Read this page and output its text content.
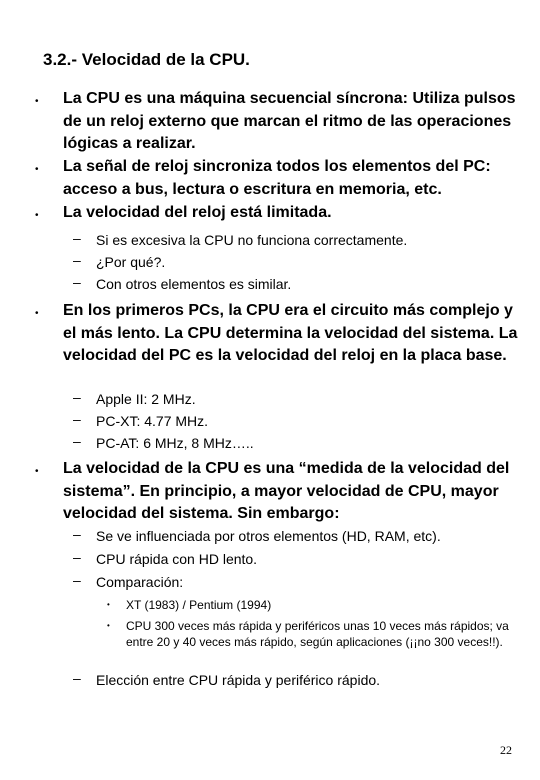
3.2.- Velocidad de la CPU.
• La CPU es una máquina secuencial síncrona: Utiliza pulsos de un reloj externo que marcan el ritmo de las operaciones lógicas a realizar.
• La señal de reloj sincroniza todos los elementos del PC: acceso a bus, lectura o escritura en memoria, etc.
• La velocidad del reloj está limitada.
– Si es excesiva la CPU no funciona correctamente.
– ¿Por qué?.
– Con otros elementos es similar.
• En los primeros PCs, la CPU era el circuito más complejo y el más lento. La CPU determina la velocidad del sistema. La velocidad del PC es la velocidad del reloj en la placa base.
– Apple II: 2 MHz.
– PC-XT: 4.77 MHz.
– PC-AT: 6 MHz, 8 MHz…..
• La velocidad de la CPU es una “medida de la velocidad del sistema”. En principio, a mayor velocidad de CPU, mayor velocidad del sistema. Sin embargo:
– Se ve influenciada por otros elementos (HD, RAM, etc).
– CPU rápida con HD lento.
– Comparación:
• XT (1983) / Pentium (1994)
• CPU 300 veces más rápida y periféricos unas 10 veces más rápidos; va entre 20 y 40 veces más rápido, según aplicaciones (¡¡no 300 veces!!).
– Elección entre CPU rápida y periférico rápido.
22
